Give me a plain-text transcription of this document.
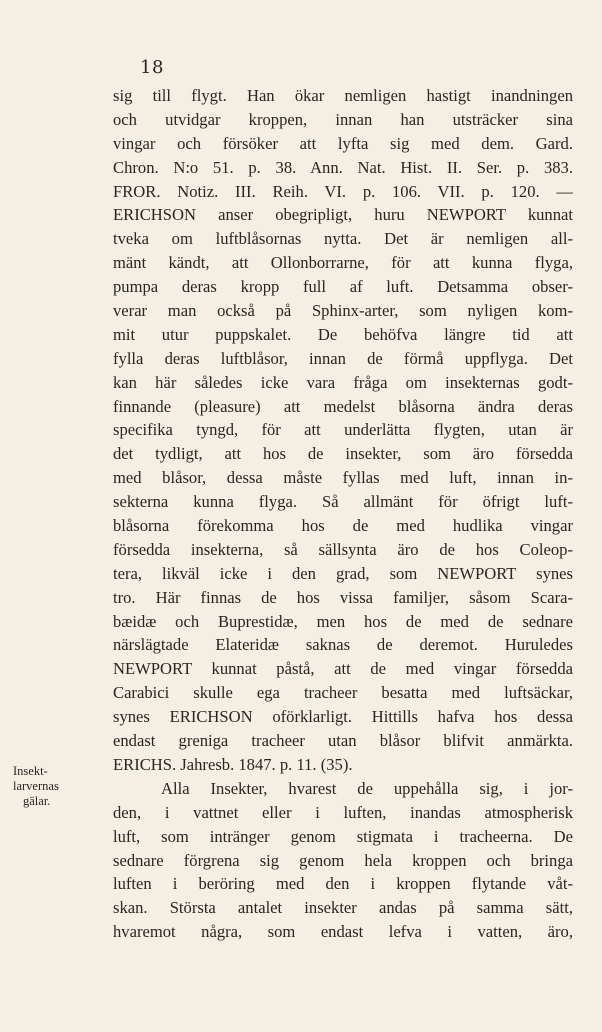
18
sig till flygt. Han ökar nemligen hastigt inandningen
och utvidgar kroppen, innan han utsträcker sina
vingar och försöker att lyfta sig med dem. Gard.
Chron. N:o 51. p. 38. Ann. Nat. Hist. II. Ser. p. 383.
FROR. Notiz. III. Reih. VI. p. 106. VII. p. 120. —
ERICHSON anser obegripligt, huru NEWPORT kunnat
tveka om luftblåsornas nytta. Det är nemligen all-
mänt kändt, att Ollonborrarne, för att kunna flyga,
pumpa deras kropp full af luft. Detsamma obser-
verar man också på Sphinx-arter, som nyligen kom-
mit utur puppskalet. De behöfva längre tid att
fylla deras luftblåsor, innan de förmå uppflyga. Det
kan här således icke vara fråga om insekternas godt-
finnande (pleasure) att medelst blåsorna ändra deras
specifika tyngd, för att underlätta flygten, utan är
det tydligt, att hos de insekter, som äro försedda
med blåsor, dessa måste fyllas med luft, innan in-
sekterna kunna flyga. Så allmänt för öfrigt luft-
blåsorna förekomma hos de med hudlika vingar
försedda insekterna, så sällsynta äro de hos Coleop-
tera, likväl icke i den grad, som NEWPORT synes
tro. Här finnas de hos vissa familjer, såsom Scara-
bæidæ och Buprestidæ, men hos de med de sednare
närslägtade Elateridæ saknas de deremot. Huruledes
NEWPORT kunnat påstå, att de med vingar försedda
Carabici skulle ega tracheer besatta med luftsäckar,
synes ERICHSON oförklarligt. Hittills hafva hos dessa
endast greniga tracheer utan blåsor blifvit anmärkta.
ERICHS. Jahresb. 1847. p. 11. (35).
Alla Insekter, hvarest de uppehålla sig, i jor-
den, i vattnet eller i luften, inandas atmospherisk
luft, som intränger genom stigmata i tracheerna. De
sednare förgrena sig genom hela kroppen och bringa
luften i beröring med den i kroppen flytande våt-
skan. Största antalet insekter andas på samma sätt,
hvaremot några, som endast lefva i vatten, äro,
Insekt-
larvernas
gälar.
